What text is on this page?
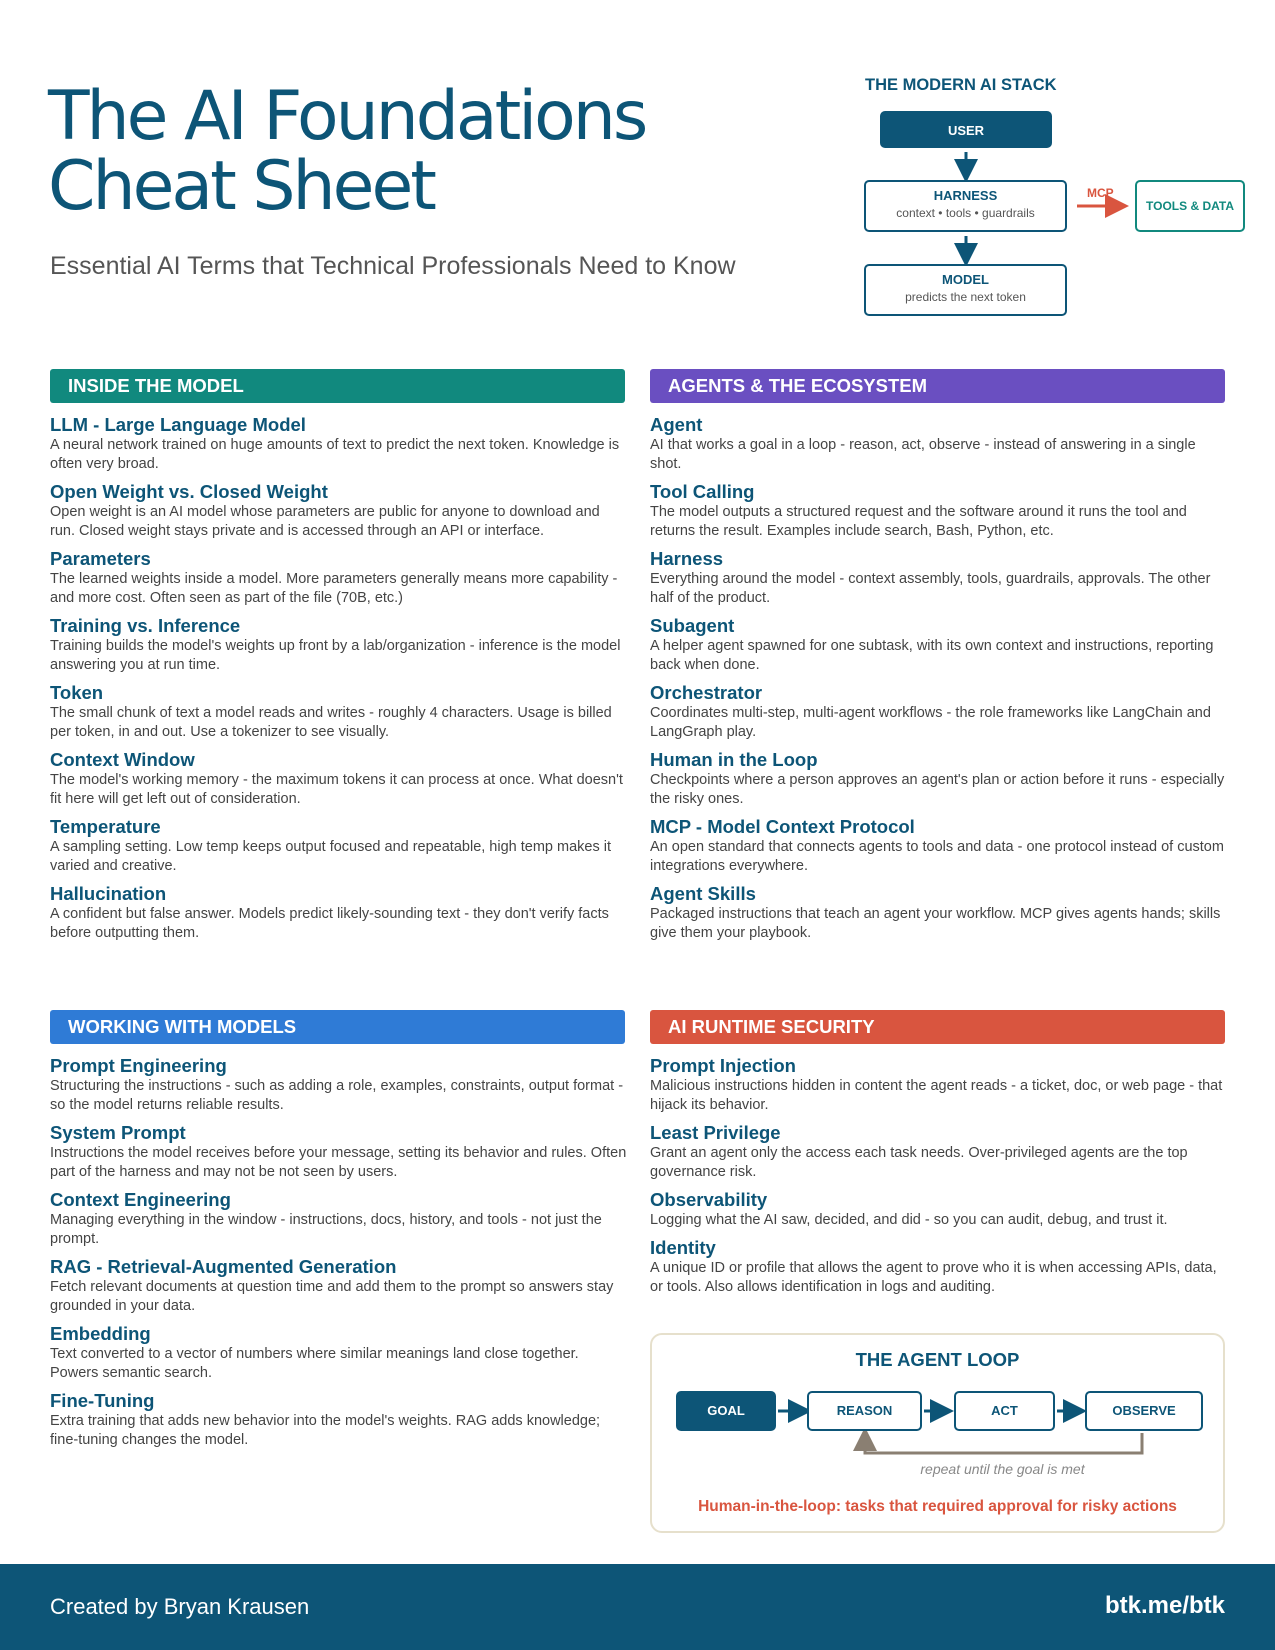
The AI Foundations
Cheat Sheet
Essential AI Terms that Technical Professionals Need to Know
THE MODERN AI STACK
USER
HARNESS
context • tools • guardrails
MODEL
predicts the next token
MCP
TOOLS & DATA
INSIDE THE MODEL
LLM - Large Language Model
A neural network trained on huge amounts of text to predict the next token. Knowledge is often very broad.
Open Weight vs. Closed Weight
Open weight is an AI model whose parameters are public for anyone to download and run. Closed weight stays private and is accessed through an API or interface.
Parameters
The learned weights inside a model. More parameters generally means more capability - and more cost. Often seen as part of the file (70B, etc.)
Training vs. Inference
Training builds the model's weights up front by a lab/organization - inference is the model answering you at run time.
Token
The small chunk of text a model reads and writes - roughly 4 characters. Usage is billed per token, in and out. Use a tokenizer to see visually.
Context Window
The model's working memory - the maximum tokens it can process at once. What doesn't fit here will get left out of consideration.
Temperature
A sampling setting. Low temp keeps output focused and repeatable, high temp makes it varied and creative.
Hallucination
A confident but false answer. Models predict likely-sounding text - they don't verify facts before outputting them.
AGENTS & THE ECOSYSTEM
Agent
AI that works a goal in a loop - reason, act, observe - instead of answering in a single shot.
Tool Calling
The model outputs a structured request and the software around it runs the tool and returns the result. Examples include search, Bash, Python, etc.
Harness
Everything around the model - context assembly, tools, guardrails, approvals. The other half of the product.
Subagent
A helper agent spawned for one subtask, with its own context and instructions, reporting back when done.
Orchestrator
Coordinates multi-step, multi-agent workflows - the role frameworks like LangChain and LangGraph play.
Human in the Loop
Checkpoints where a person approves an agent's plan or action before it runs - especially the risky ones.
MCP - Model Context Protocol
An open standard that connects agents to tools and data - one protocol instead of custom integrations everywhere.
Agent Skills
Packaged instructions that teach an agent your workflow. MCP gives agents hands; skills give them your playbook.
WORKING WITH MODELS
Prompt Engineering
Structuring the instructions - such as adding a role, examples, constraints, output format - so the model returns reliable results.
System Prompt
Instructions the model receives before your message, setting its behavior and rules. Often part of the harness and may not be not seen by users.
Context Engineering
Managing everything in the window - instructions, docs, history, and tools - not just the prompt.
RAG - Retrieval-Augmented Generation
Fetch relevant documents at question time and add them to the prompt so answers stay grounded in your data.
Embedding
Text converted to a vector of numbers where similar meanings land close together. Powers semantic search.
Fine-Tuning
Extra training that adds new behavior into the model's weights. RAG adds knowledge; fine-tuning changes the model.
AI RUNTIME SECURITY
Prompt Injection
Malicious instructions hidden in content the agent reads - a ticket, doc, or web page - that hijack its behavior.
Least Privilege
Grant an agent only the access each task needs. Over-privileged agents are the top governance risk.
Observability
Logging what the AI saw, decided, and did - so you can audit, debug, and trust it.
Identity
A unique ID or profile that allows the agent to prove who it is when accessing APIs, data, or tools. Also allows identification in logs and auditing.
THE AGENT LOOP
GOAL	REASON	ACT	OBSERVE
repeat until the goal is met
Human-in-the-loop: tasks that required approval for risky actions
Created by Bryan Krausen	btk.me/btk
